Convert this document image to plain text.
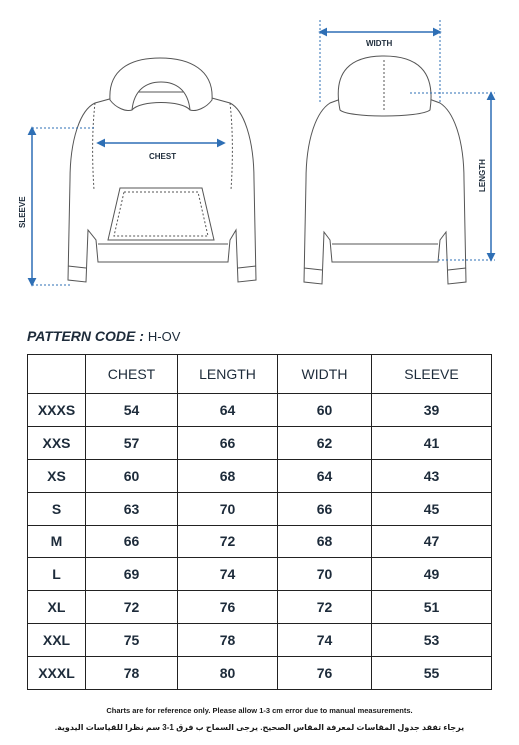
CHEST
SLEEVE
WIDTH
LENGTH
PATTERN CODE : H-OV
	CHEST	LENGTH	WIDTH	SLEEVE
XXXS	54	64	60	39
XXS	57	66	62	41
XS	60	68	64	43
S	63	70	66	45
M	66	72	68	47
L	69	74	70	49
XL	72	76	72	51
XXL	75	78	74	53
XXXL	78	80	76	55
Charts are for reference only. Please allow 1-3 cm error due to manual measurements.
يرجاء تفقد جدول المقاسات لمعرفة المقاس الصحيح. يرجى السماح ب فرق 1-3 سم نظرا للقياسات اليدوية.
